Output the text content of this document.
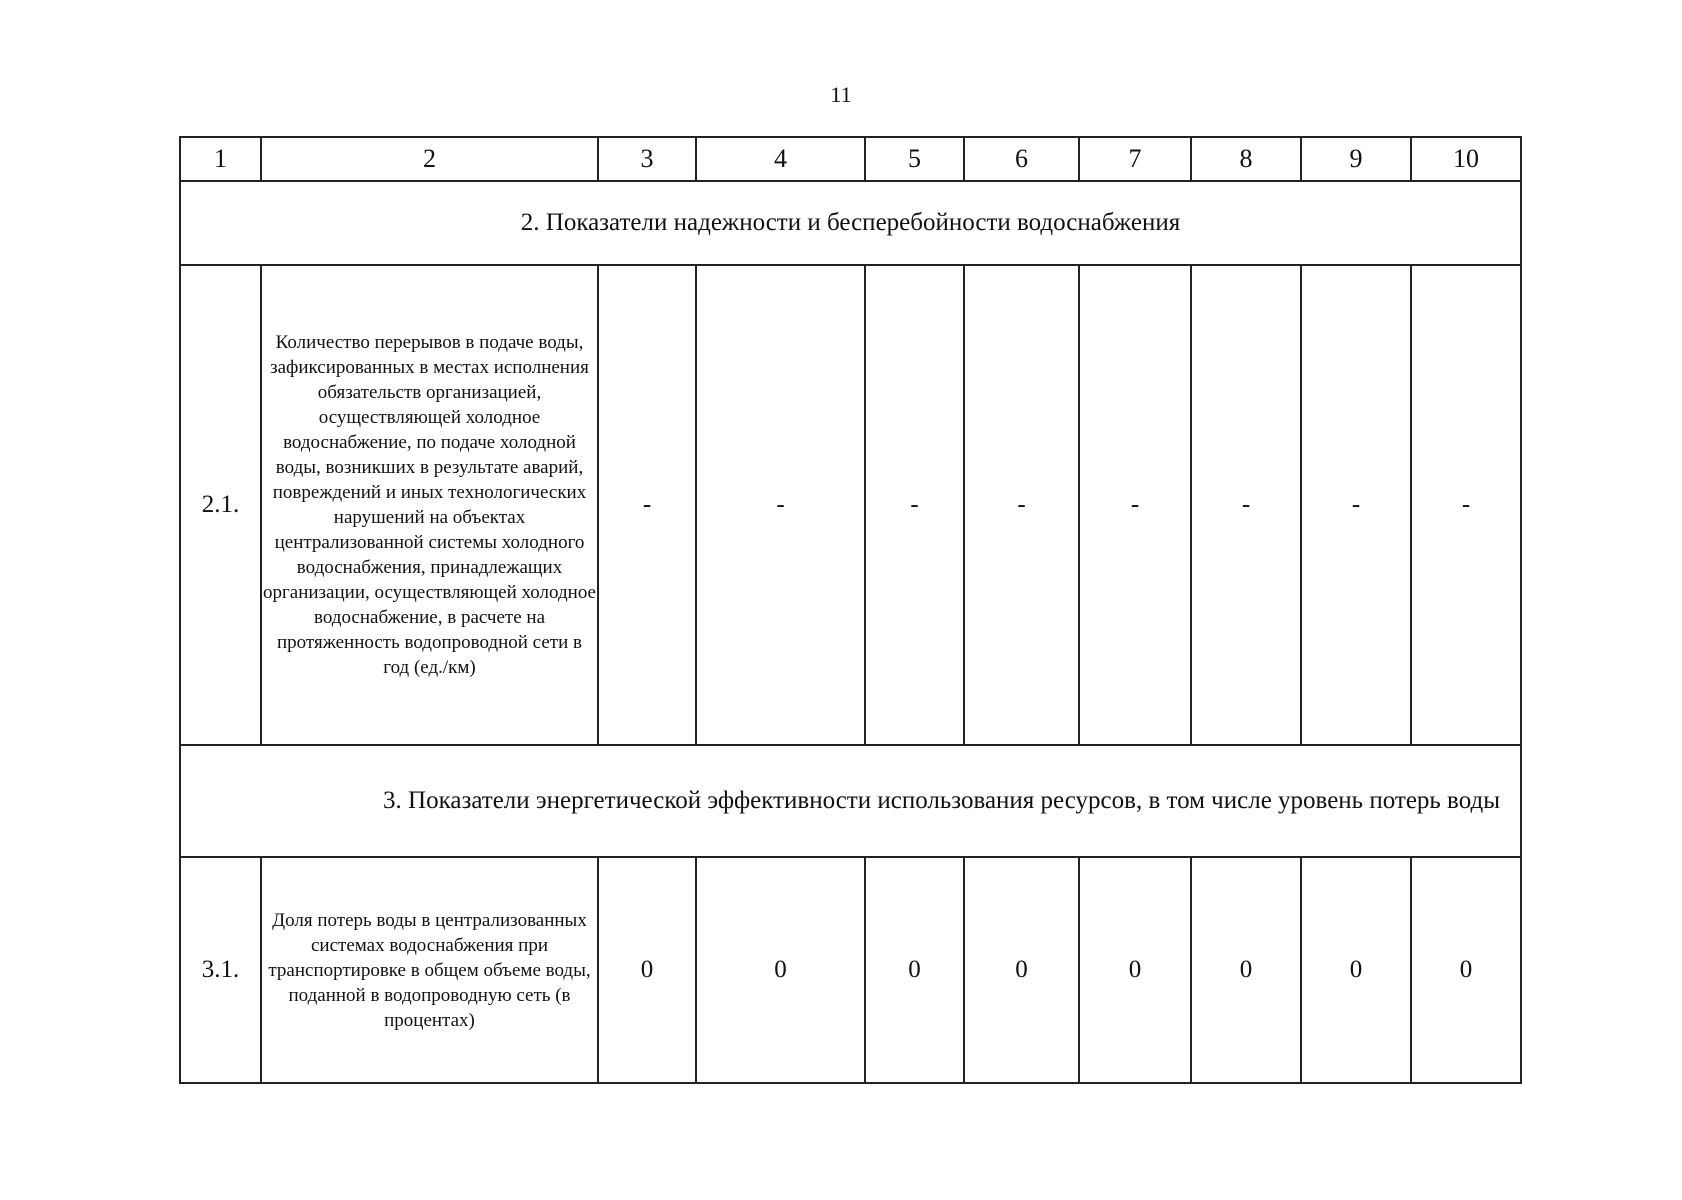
11
1	2	3	4	5	6	7	8	9	10
2. Показатели надежности и бесперебойности водоснабжения									
2.1.	Количество перерывов в подаче воды, зафиксированных в местах исполнения обязательств организацией, осуществляющей холодное водоснабжение, по подаче холодной воды, возникших в результате аварий, повреждений и иных технологических нарушений на объектах централизованной системы холодного водоснабжения, принадлежащих организации, осуществляющей холодное водоснабжение, в расчете на протяженность водопроводной сети в год (ед./км)	-	-	-	-	-	-	-	-
3. Показатели энергетической эффективности использования ресурсов, в том числе уровень потерь воды									
3.1.	Доля потерь воды в централизованных системах водоснабжения при транспортировке в общем объеме воды, поданной в водопроводную сеть (в процентах)	0	0	0	0	0	0	0	0
